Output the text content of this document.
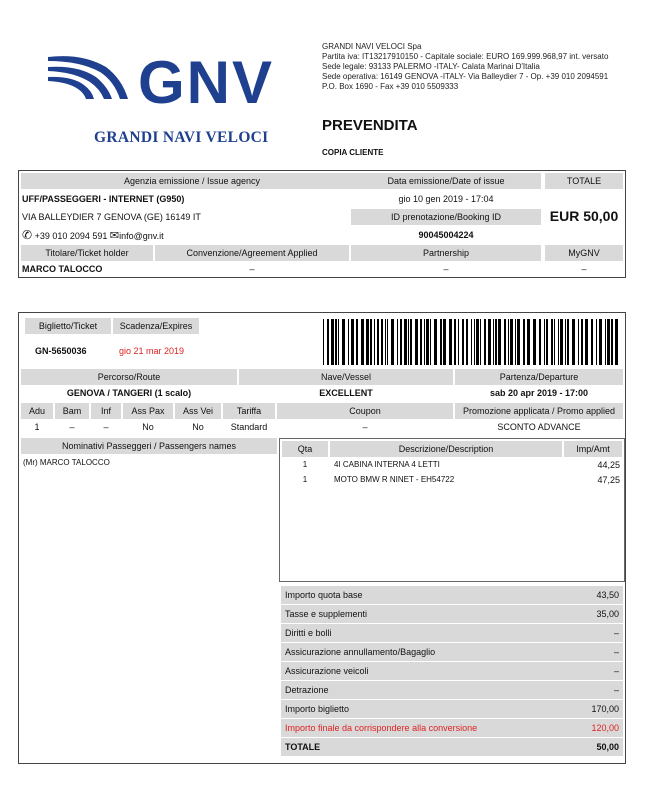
GNV
GRANDI NAVI VELOCI
GRANDI NAVI VELOCI Spa
Partita iva: IT13217910150 - Capitale sociale: EURO 169.999.968,97 int. versato
Sede legale: 93133 PALERMO -ITALY- Calata Marinai D'Italia
Sede operativa: 16149 GENOVA -ITALY- Via Balleydier 7 - Op. +39 010 2094591
P.O. Box 1690 - Fax +39 010 5509333
PREVENDITA
COPIA CLIENTE
Agenzia emissione / Issue agency	Data emissione/Date of issue	TOTALE
UFF/PASSEGGERI - INTERNET (G950)
VIA BALLEYDIER 7 GENOVA (GE) 16149 IT
✆ +39 010 2094 591 ✉info@gnv.it
gio 10 gen 2019 - 17:04
ID prenotazione/Booking ID
90045004224
EUR 50,00
Titolare/Ticket holder	Convenzione/Agreement Applied	Partnership	MyGNV
MARCO TALOCCO	–	–	–
Biglietto/Ticket	Scadenza/Expires
GN-5650036	gio 21 mar 2019
Percorso/Route	Nave/Vessel	Partenza/Departure
GENOVA / TANGERI (1 scalo)	EXCELLENT	sab 20 apr 2019 - 17:00
Adu	Bam	Inf	Ass Pax	Ass Vei	Tariffa	Coupon	Promozione applicata / Promo applied
1	–	–	No	No	Standard	–	SCONTO ADVANCE
Nominativi Passeggeri / Passengers names
(Mr) MARCO TALOCCO
Qta	Descrizione/Description	Imp/Amt
1	4I CABINA INTERNA 4 LETTI	44,25
1	MOTO BMW R NINET - EH54722	47,25
Importo quota base	43,50
Tasse e supplementi	35,00
Diritti e bolli	–
Assicurazione annullamento/Bagaglio	–
Assicurazione veicoli	–
Detrazione	–
Importo biglietto	170,00
Importo finale da corrispondere alla conversione	120,00
TOTALE	50,00
